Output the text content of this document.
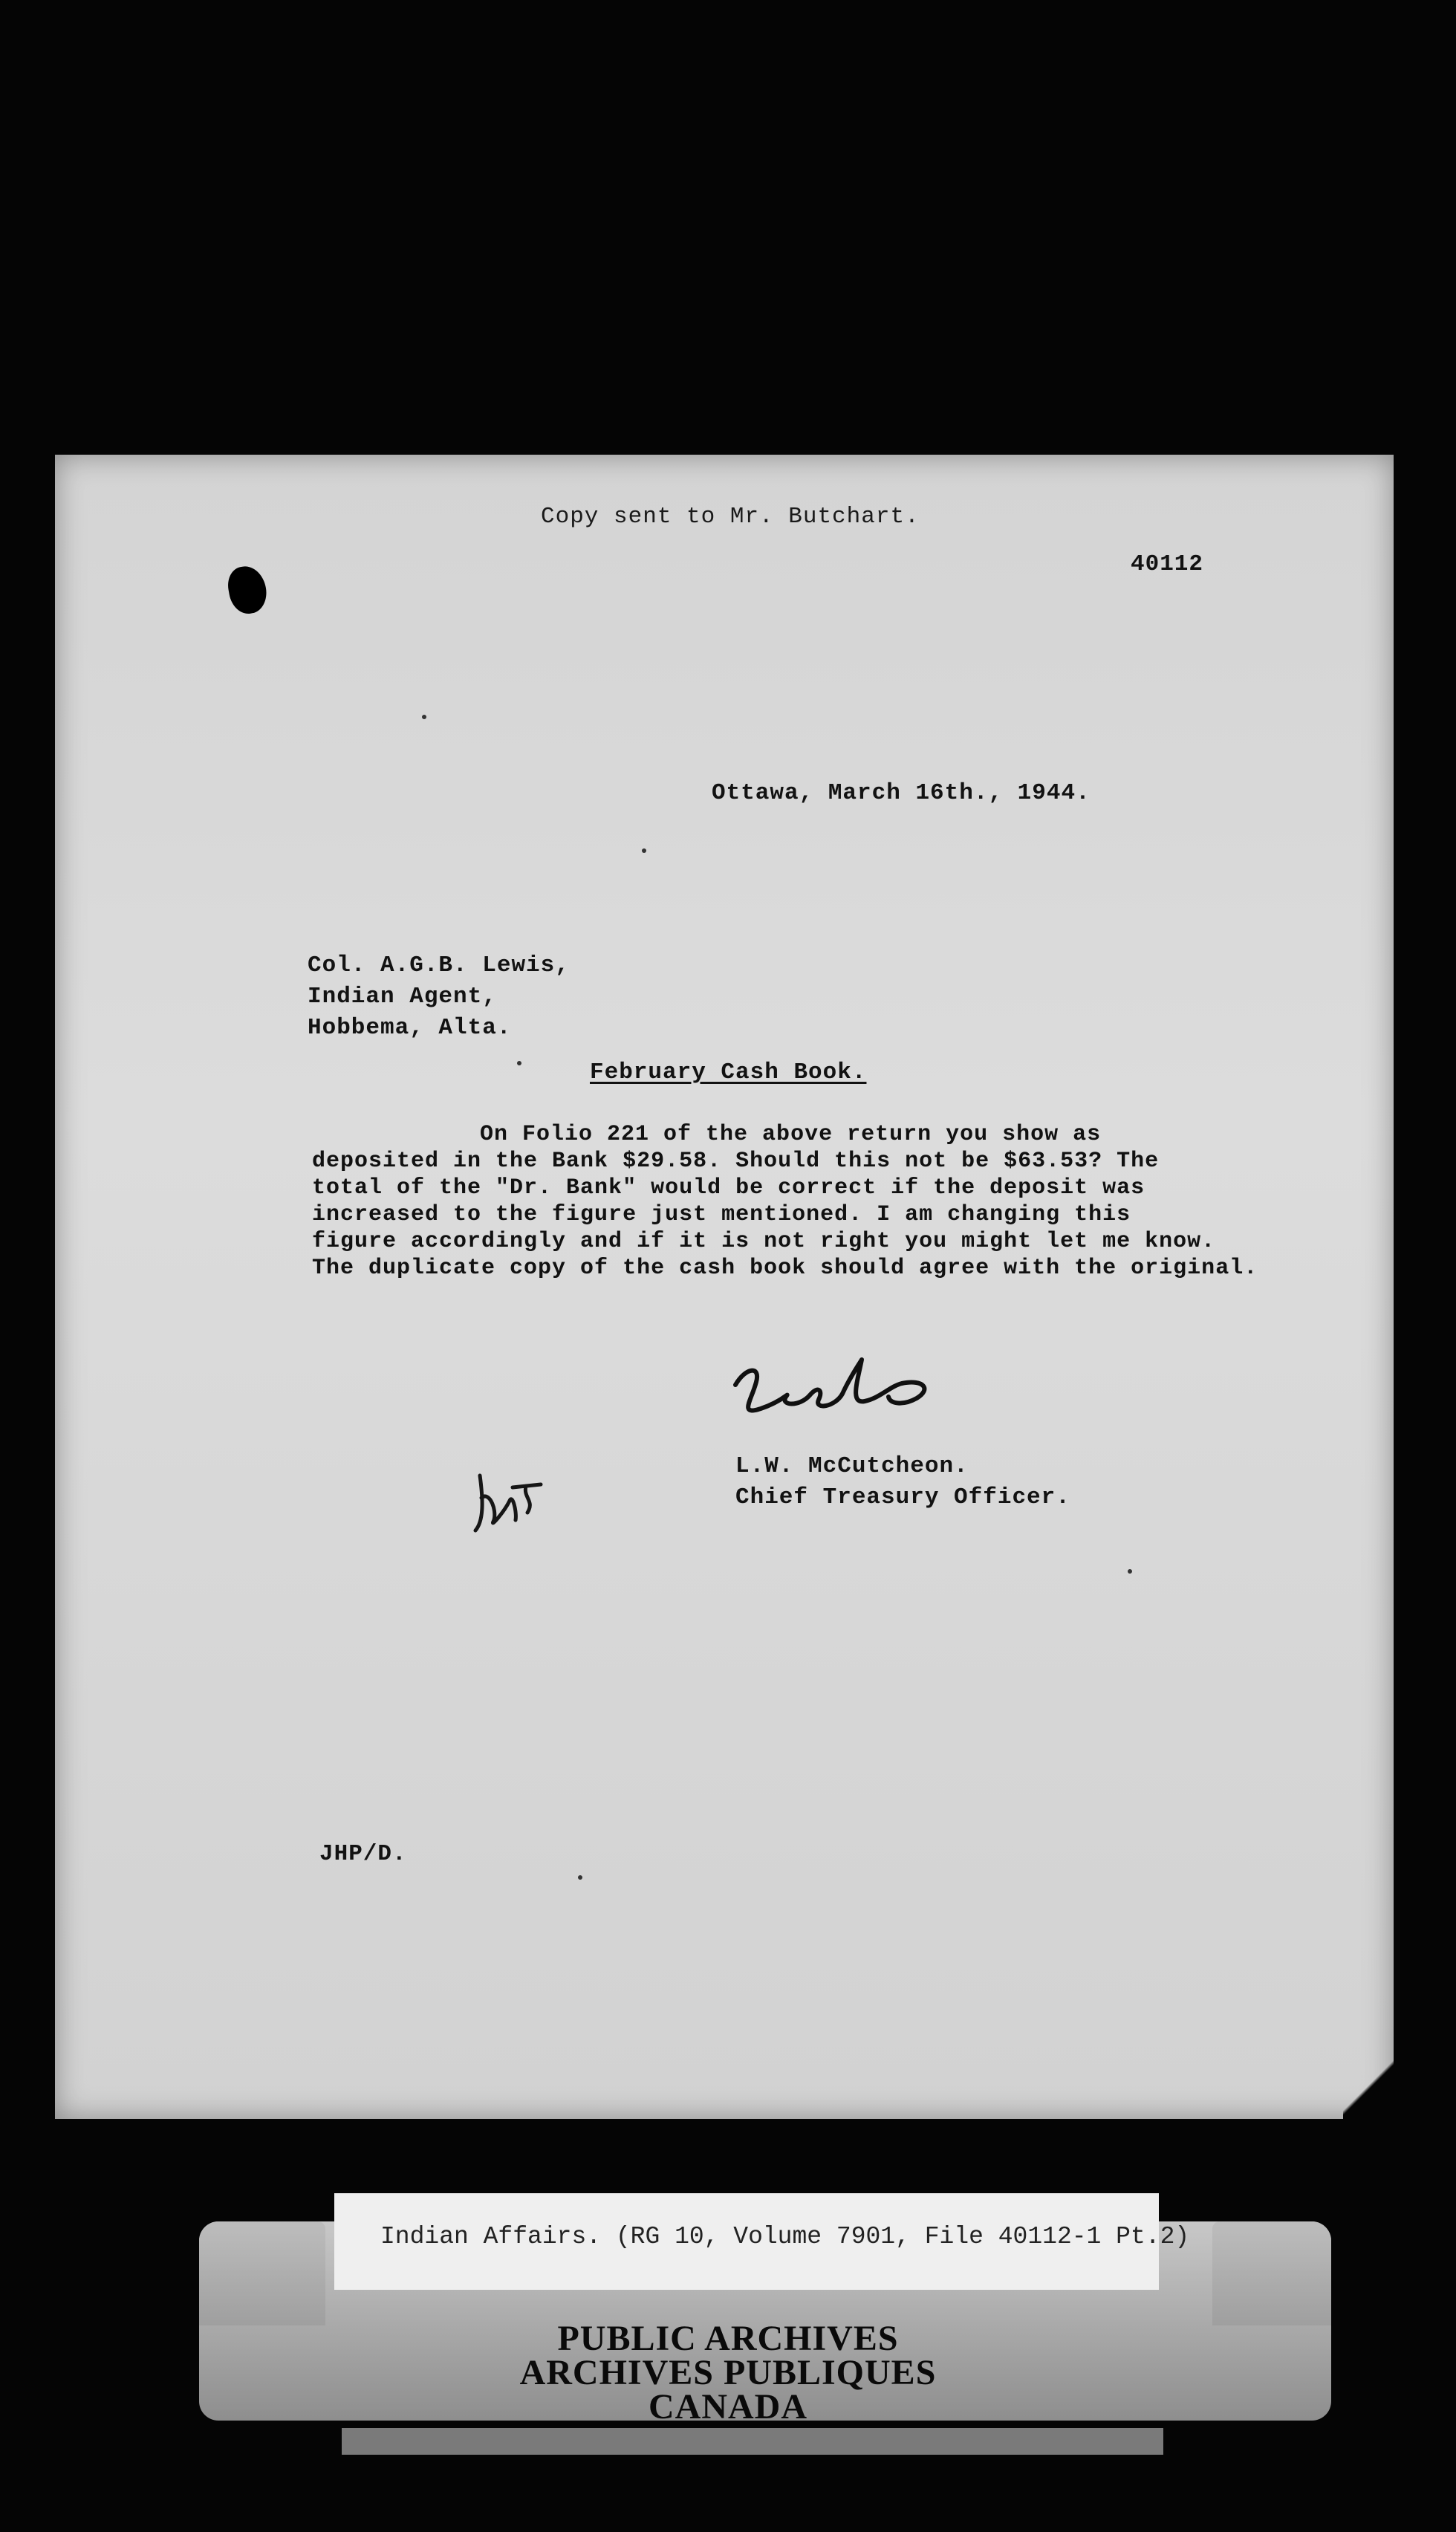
Copy sent to Mr. Butchart.
40112
Ottawa, March 16th., 1944.
Col. A.G.B. Lewis,
Indian Agent,
Hobbema, Alta.
February Cash Book.
On Folio 221 of the above return you show as
deposited in the Bank $29.58. Should this not be $63.53? The
total of the "Dr. Bank" would be correct if the deposit was
increased to the figure just mentioned. I am changing this
figure accordingly and if it is not right you might let me know.
The duplicate copy of the cash book should agree with the original.
L.W. McCutcheon.
Chief Treasury Officer.
JHP/D.
Indian Affairs. (RG 10, Volume 7901, File 40112-1 Pt.2)
PUBLIC ARCHIVES
ARCHIVES PUBLIQUES
CANADA
